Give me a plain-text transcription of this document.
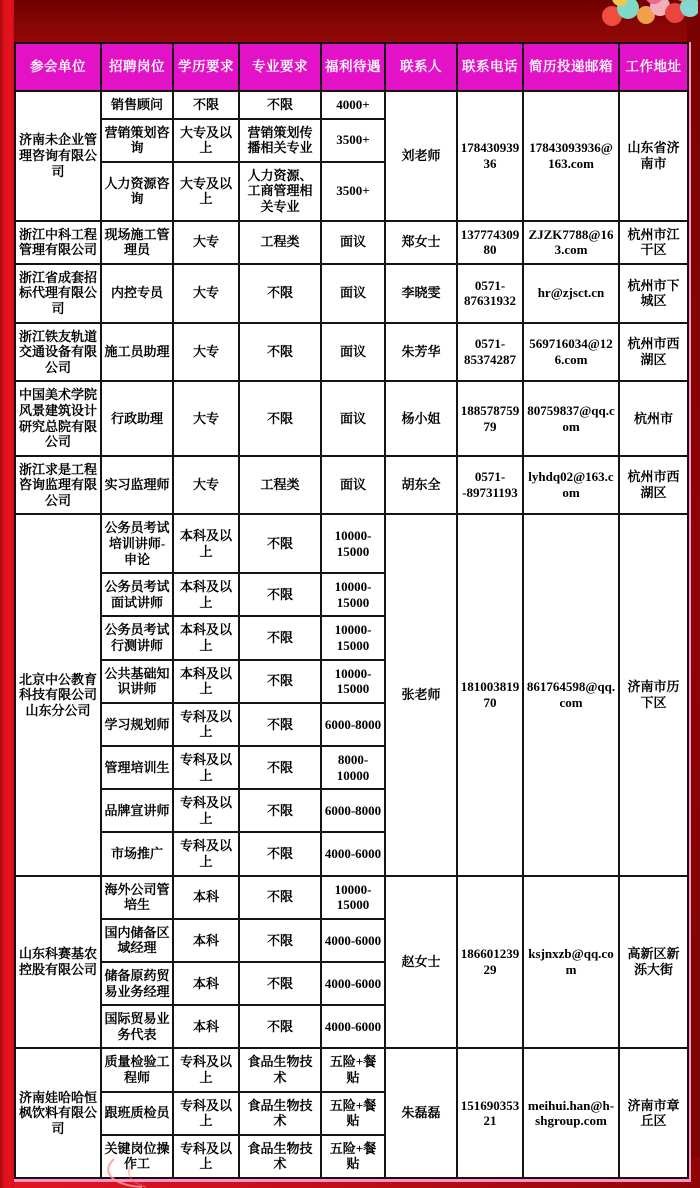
参会单位	招聘岗位	学历要求	专业要求	福利待遇	联系人	联系电话	简历投递邮箱	工作地址
济南未企业管理咨询有限公司	销售顾问	不限	不限	4000+	刘老师	17843093936	17843093936@163.com	山东省济南市
	营销策划咨询	大专及以上	营销策划传播相关专业	3500+				
	人力资源咨询	大专及以上	人力资源、工商管理相关专业	3500+				
浙江中科工程管理有限公司	现场施工管理员	大专	工程类	面议	郑女士	13777430980	ZJZK7788@163.com	杭州市江干区
浙江省成套招标代理有限公司	内控专员	大专	不限	面议	李晓雯	0571-87631932	hr@zjsct.cn	杭州市下城区
浙江铁友轨道交通设备有限公司	施工员助理	大专	不限	面议	朱芳华	0571-85374287	569716034@126.com	杭州市西湖区
中国美术学院风景建筑设计研究总院有限公司	行政助理	大专	不限	面议	杨小姐	18857875979	80759837@qq.com	杭州市
浙江求是工程咨询监理有限公司	实习监理师	大专	工程类	面议	胡东全	0571--89731193	lyhdq02@163.com	杭州市西湖区
北京中公教育科技有限公司山东分公司	公务员考试培训讲师-申论	本科及以上	不限	10000-15000	张老师	18100381970	861764598@qq.com	济南市历下区
	公务员考试面试讲师	本科及以上	不限	10000-15000				
	公务员考试行测讲师	本科及以上	不限	10000-15000				
	公共基础知识讲师	本科及以上	不限	10000-15000				
	学习规划师	专科及以上	不限	6000-8000				
	管理培训生	专科及以上	不限	8000-10000				
	品牌宣讲师	专科及以上	不限	6000-8000				
	市场推广	专科及以上	不限	4000-6000				
山东科赛基农控股有限公司	海外公司管培生	本科	不限	10000-15000	赵女士	18660123929	ksjnxzb@qq.com	高新区新泺大街
	国内储备区域经理	本科	不限	4000-6000				
	储备原药贸易业务经理	本科	不限	4000-6000				
	国际贸易业务代表	本科	不限	4000-6000				
济南娃哈哈恒枫饮料有限公司	质量检验工程师	专科及以上	食品生物技术	五险+餐贴	朱磊磊	15169035321	meihui.han@h-shgroup.com	济南市章丘区
	跟班质检员	专科及以上	食品生物技术	五险+餐贴				
	关键岗位操作工	专科及以上	食品生物技术	五险+餐贴				
